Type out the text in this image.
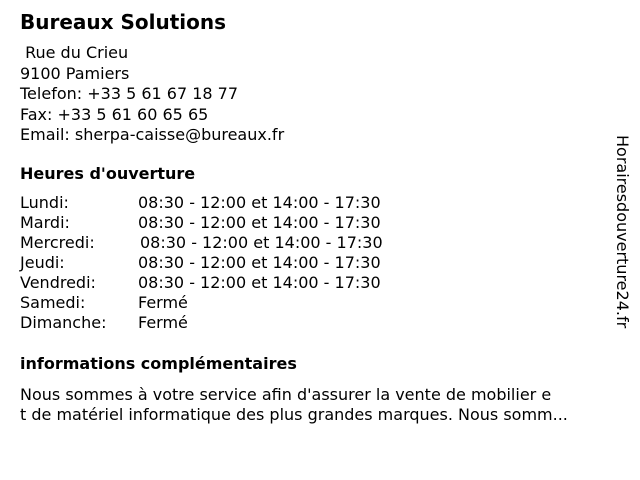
Bureaux Solutions
Rue du Crieu
9100 Pamiers
Telefon: +33 5 61 67 18 77
Fax: +33 5 61 60 65 65
Email: sherpa-caisse@bureaux.fr
Heures d'ouverture
Lundi:	08:30 - 12:00 et 14:00 - 17:30
Mardi:	08:30 - 12:00 et 14:00 - 17:30
Mercredi:	08:30 - 12:00 et 14:00 - 17:30
Jeudi:	08:30 - 12:00 et 14:00 - 17:30
Vendredi:	08:30 - 12:00 et 14:00 - 17:30
Samedi:	Fermé
Dimanche: Fermé
informations complémentaires
Nous sommes à votre service afin d'assurer la vente de mobilier e
t de matériel informatique des plus grandes marques. Nous somm...
Horairesdouverture24.fr
